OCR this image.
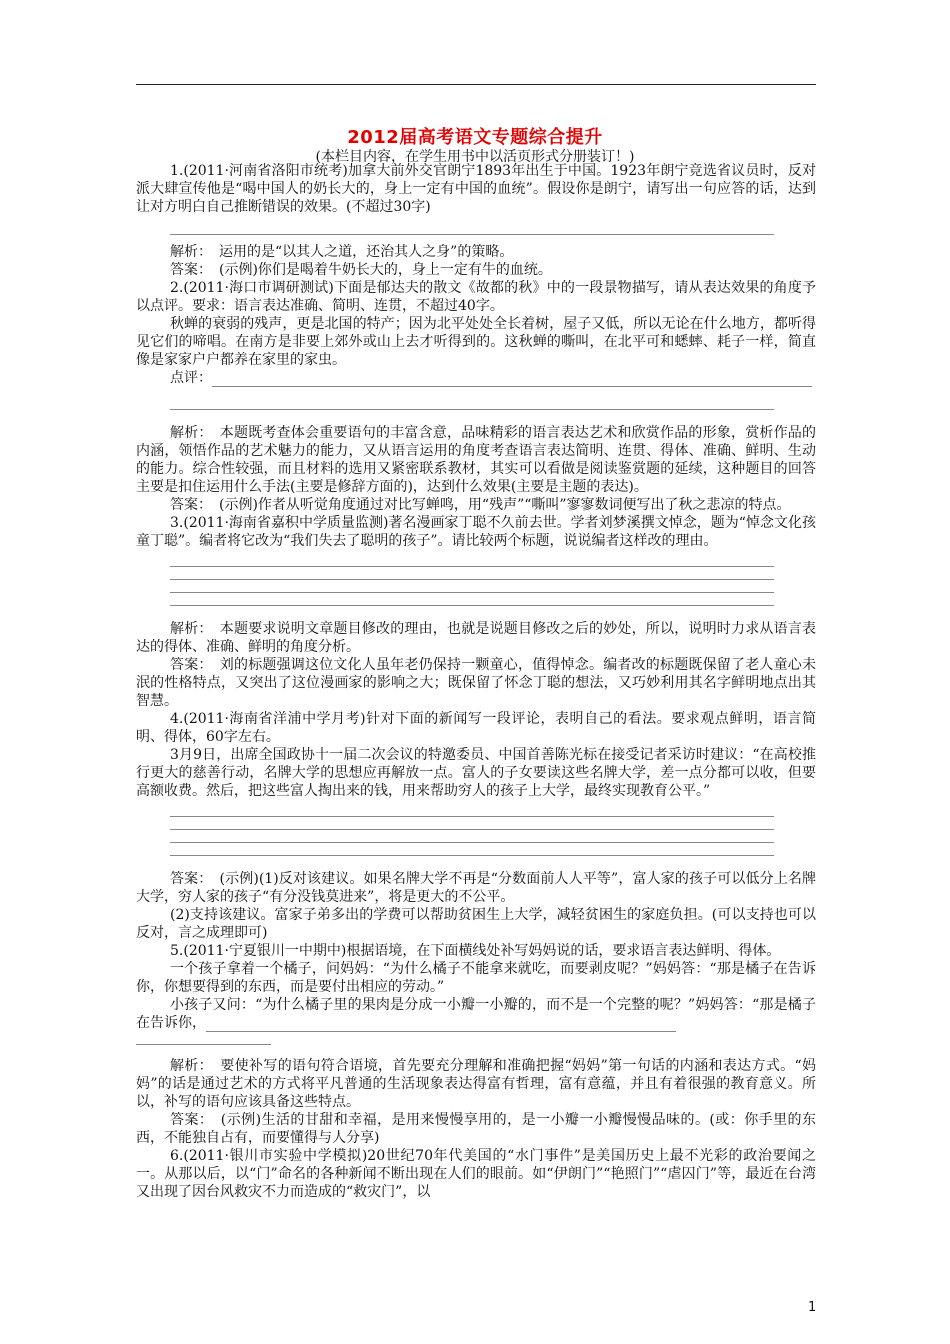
2012届高考语文专题综合提升
(本栏目内容，在学生用书中以活页形式分册装订！)

1.(2011·河南省洛阳市统考)加拿大前外交官朗宁1893年出生于中国。1923年朗宁竞选省议员时，反对派大肆宣传他是“喝中国人的奶长大的，身上一定有中国的血统”。假设你是朗宁，请写出一句应答的话，达到让对方明白自己推断错误的效果。(不超过30字)

解析：　运用的是“以其人之道，还治其人之身”的策略。

答案：　(示例)你们是喝着牛奶长大的，身上一定有牛的血统。

2.(2011·海口市调研测试)下面是郁达夫的散文《故都的秋》中的一段景物描写，请从表达效果的角度予以点评。要求：语言表达准确、简明、连贯，不超过40字。

秋蝉的衰弱的残声，更是北国的特产；因为北平处处全长着树，屋子又低，所以无论在什么地方，都听得见它们的啼唱。在南方是非要上郊外或山上去才听得到的。这秋蝉的嘶叫，在北平可和蟋蟀、耗子一样，简直像是家家户户都养在家里的家虫。

点评：

解析：　本题既考查体会重要语句的丰富含意，品味精彩的语言表达艺术和欣赏作品的形象，赏析作品的内涵，领悟作品的艺术魅力的能力，又从语言运用的角度考查语言表达简明、连贯、得体、准确、鲜明、生动的能力。综合性较强，而且材料的选用又紧密联系教材，其实可以看做是阅读鉴赏题的延续，这种题目的回答主要是扣住运用什么手法(主要是修辞方面的)，达到什么效果(主要是主题的表达)。

答案：　(示例)作者从听觉角度通过对比写蝉鸣，用“残声”“嘶叫”寥寥数词便写出了秋之悲凉的特点。

3.(2011·海南省嘉积中学质量监测)著名漫画家丁聪不久前去世。学者刘梦溪撰文悼念，题为“悼念文化孩童丁聪”。编者将它改为“我们失去了聪明的孩子”。请比较两个标题，说说编者这样改的理由。

解析：　本题要求说明文章题目修改的理由，也就是说题目修改之后的妙处，所以，说明时力求从语言表达的得体、准确、鲜明的角度分析。

答案：　刘的标题强调这位文化人虽年老仍保持一颗童心，值得悼念。编者改的标题既保留了老人童心未泯的性格特点，又突出了这位漫画家的影响之大；既保留了怀念丁聪的想法，又巧妙利用其名字鲜明地点出其智慧。

4.(2011·海南省洋浦中学月考)针对下面的新闻写一段评论，表明自己的看法。要求观点鲜明，语言简明、得体，60字左右。

3月9日，出席全国政协十一届二次会议的特邀委员、中国首善陈光标在接受记者采访时建议：“在高校推行更大的慈善行动，名牌大学的思想应再解放一点。富人的子女要读这些名牌大学，差一点分都可以收，但要高额收费。然后，把这些富人掏出来的钱，用来帮助穷人的孩子上大学，最终实现教育公平。”

答案：　(示例)(1)反对该建议。如果名牌大学不再是“分数面前人人平等”，富人家的孩子可以低分上名牌大学，穷人家的孩子“有分没钱莫进来”，将是更大的不公平。

(2)支持该建议。富家子弟多出的学费可以帮助贫困生上大学，减轻贫困生的家庭负担。(可以支持也可以反对，言之成理即可)

5.(2011·宁夏银川一中期中)根据语境，在下面横线处补写妈妈说的话，要求语言表达鲜明、得体。

一个孩子拿着一个橘子，问妈妈：“为什么橘子不能拿来就吃，而要剥皮呢？”妈妈答：“那是橘子在告诉你，你想要得到的东西，而是要付出相应的劳动。”

小孩子又问：“为什么橘子里的果肉是分成一小瓣一小瓣的，而不是一个完整的呢？”妈妈答：“那是橘子在告诉你，

解析：　要使补写的语句符合语境，首先要充分理解和准确把握“妈妈”第一句话的内涵和表达方式。“妈妈”的话是通过艺术的方式将平凡普通的生活现象表达得富有哲理，富有意蕴，并且有着很强的教育意义。所以，补写的语句应该具备这些特点。

答案：　(示例)生活的甘甜和幸福，是用来慢慢享用的，是一小瓣一小瓣慢慢品味的。(或：你手里的东西，不能独自占有，而要懂得与人分享)

6.(2011·银川市实验中学模拟)20世纪70年代美国的“水门事件”是美国历史上最不光彩的政治要闻之一。从那以后，以“门”命名的各种新闻不断出现在人们的眼前。如“伊朗门”“艳照门”“虐囚门”等，最近在台湾又出现了因台风救灾不力而造成的“救灾门”，以

1
